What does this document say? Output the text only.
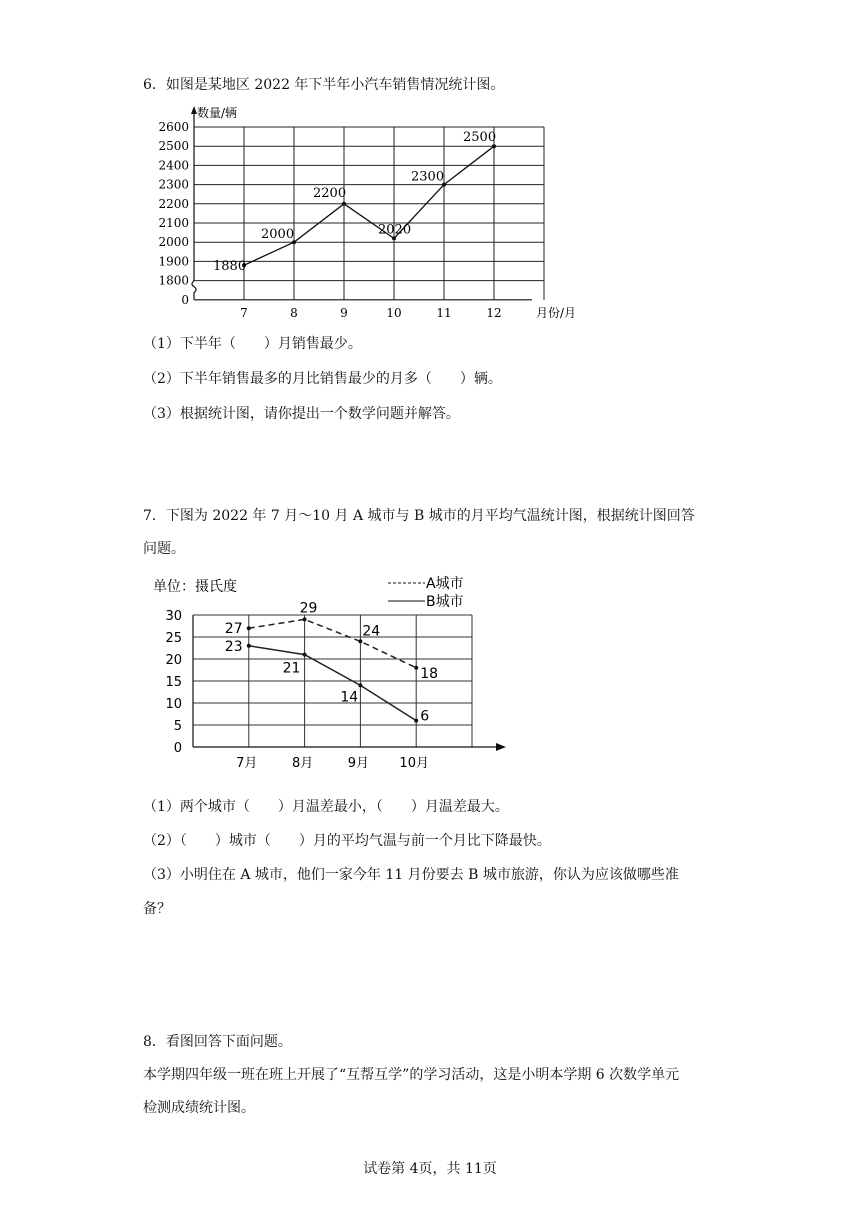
6．如图是某地区 2022 年下半年小汽车销售情况统计图。
0
1800
1900
2000
2100
2200
2300
2400
2500
2600
数量/辆
月份/月
7	8	9	10	11	12
1880
2000
2200
2020
2300
2500
（1）下半年（　　）月销售最少。
（2）下半年销售最多的月比销售最少的月多（　　）辆。
（3）根据统计图，请你提出一个数学问题并解答。
7．下图为 2022 年 7 月～10 月 A 城市与 B 城市的月平均气温统计图，根据统计图回答
问题。
0
5
10
15
20
25
30
单位：摄氏度
7月	8月	9月 10月
A城市
B城市
27
29
24
18
23
21
14
6
（1）两个城市（　　）月温差最小，（　　）月温差最大。
（2）（　　）城市（　　）月的平均气温与前一个月比下降最快。
（3）小明住在 A 城市，他们一家今年 11 月份要去 B 城市旅游，你认为应该做哪些准
备？
8．看图回答下面问题。
本学期四年级一班在班上开展了“互帮互学”的学习活动，这是小明本学期 6 次数学单元
检测成绩统计图。
试卷第 4页，共 11页
